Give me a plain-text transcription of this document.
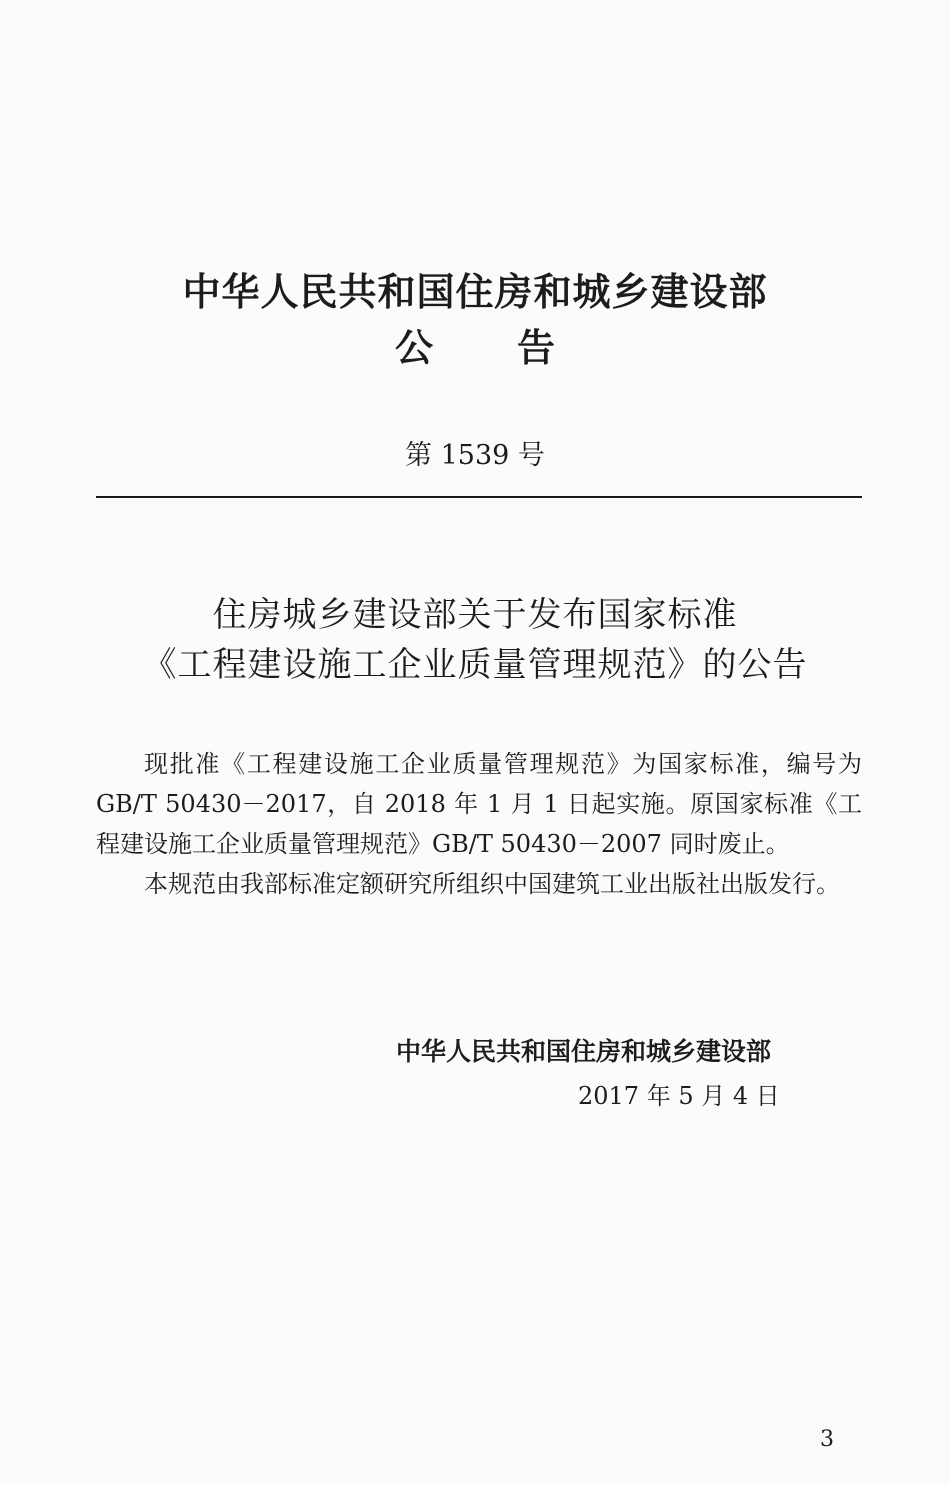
中华人民共和国住房和城乡建设部
公 告
第 1539 号
住房城乡建设部关于发布国家标准
《工程建设施工企业质量管理规范》的公告

现批准《工程建设施工企业质量管理规范》为国家标准，编号为 GB/T 50430－2017，自 2018 年 1 月 1 日起实施。原国家标准《工程建设施工企业质量管理规范》GB/T 50430－2007 同时废止。

本规范由我部标准定额研究所组织中国建筑工业出版社出版发行。

中华人民共和国住房和城乡建设部
2017 年 5 月 4 日
3
